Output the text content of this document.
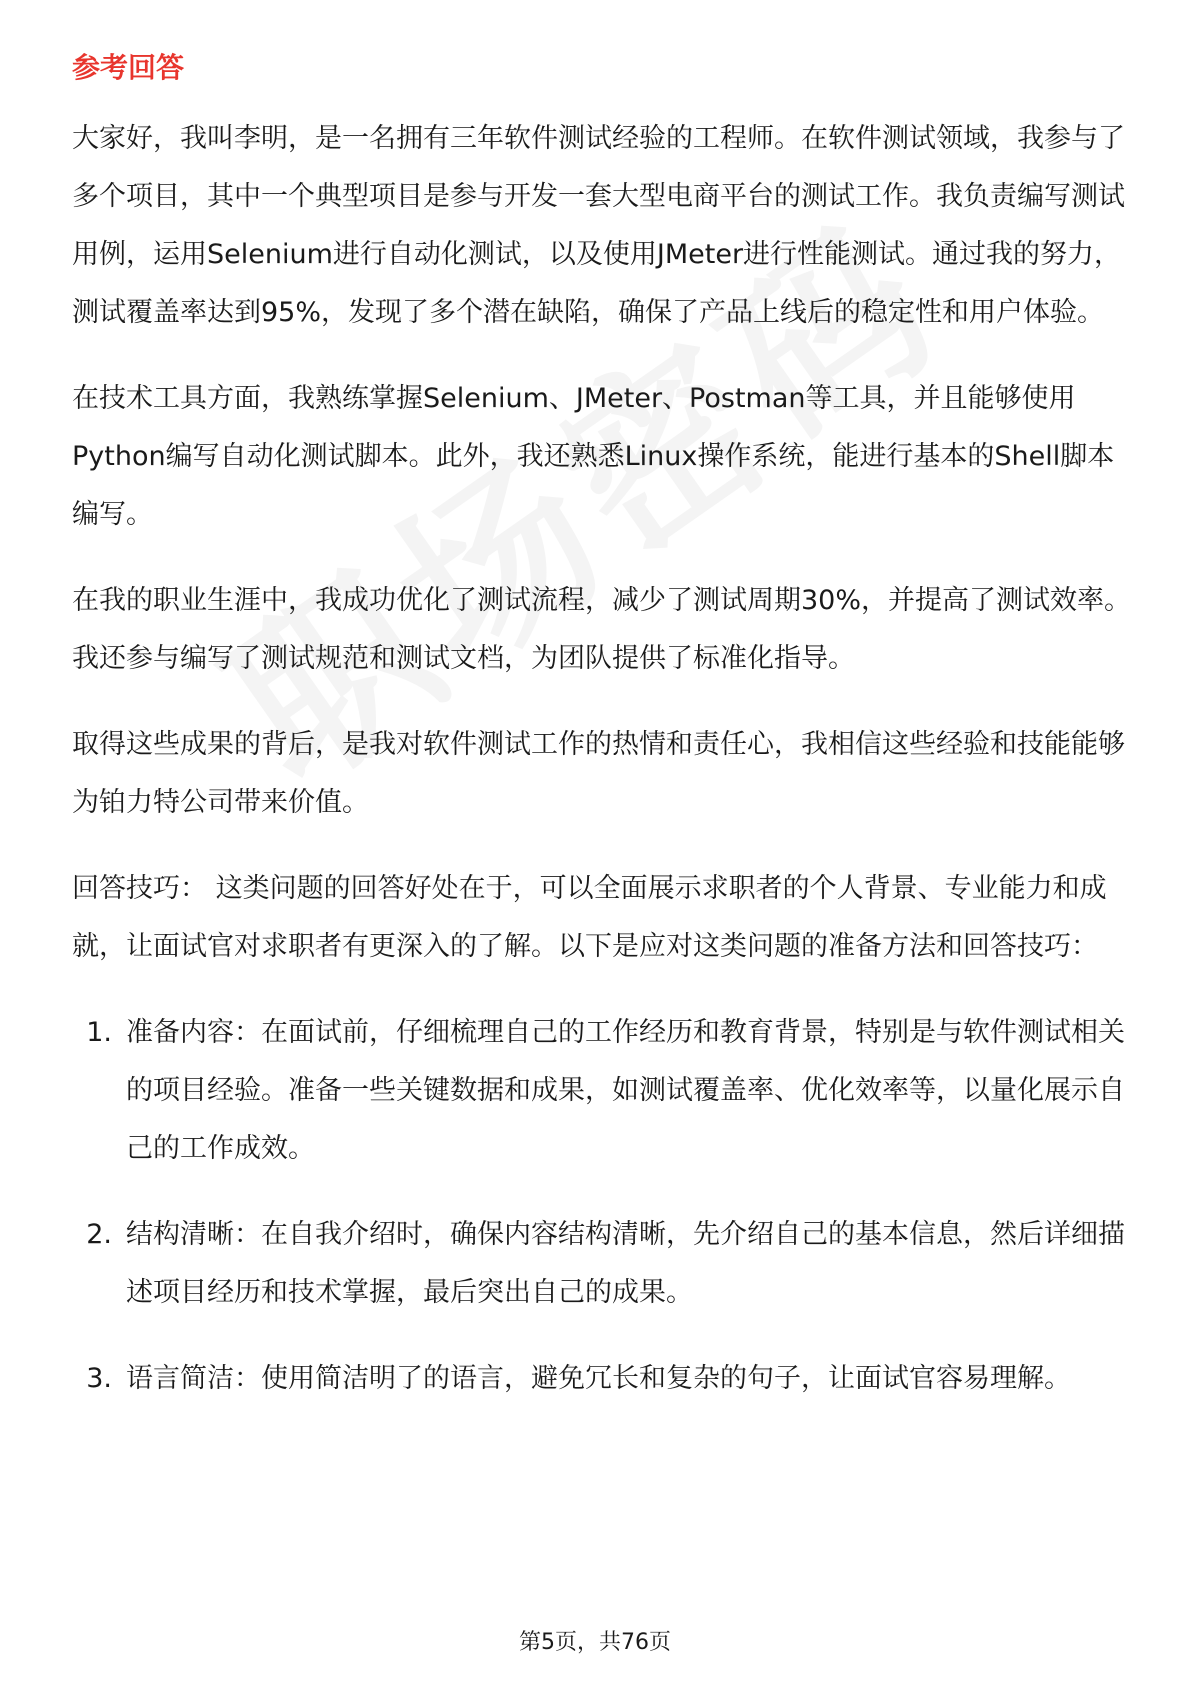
参考回答

大家好，我叫李明，是一名拥有三年软件测试经验的工程师。在软件测试领域，我参与了多个项目，其中一个典型项目是参与开发一套大型电商平台的测试工作。我负责编写测试用例，运用Selenium进行自动化测试，以及使用JMeter进行性能测试。通过我的努力，测试覆盖率达到95%，发现了多个潜在缺陷，确保了产品上线后的稳定性和用户体验。

在技术工具方面，我熟练掌握Selenium、JMeter、Postman等工具，并且能够使用Python编写自动化测试脚本。此外，我还熟悉Linux操作系统，能进行基本的Shell脚本编写。

在我的职业生涯中，我成功优化了测试流程，减少了测试周期30%，并提高了测试效率。我还参与编写了测试规范和测试文档，为团队提供了标准化指导。

取得这些成果的背后，是我对软件测试工作的热情和责任心，我相信这些经验和技能能够为铂力特公司带来价值。

回答技巧： 这类问题的回答好处在于，可以全面展示求职者的个人背景、专业能力和成就，让面试官对求职者有更深入的了解。以下是应对这类问题的准备方法和回答技巧：

1. 准备内容：在面试前，仔细梳理自己的工作经历和教育背景，特别是与软件测试相关的项目经验。准备一些关键数据和成果，如测试覆盖率、优化效率等，以量化展示自己的工作成效。
2. 结构清晰：在自我介绍时，确保内容结构清晰，先介绍自己的基本信息，然后详细描述项目经历和技术掌握，最后突出自己的成果。
3. 语言简洁：使用简洁明了的语言，避免冗长和复杂的句子，让面试官容易理解。
第5页，共76页
